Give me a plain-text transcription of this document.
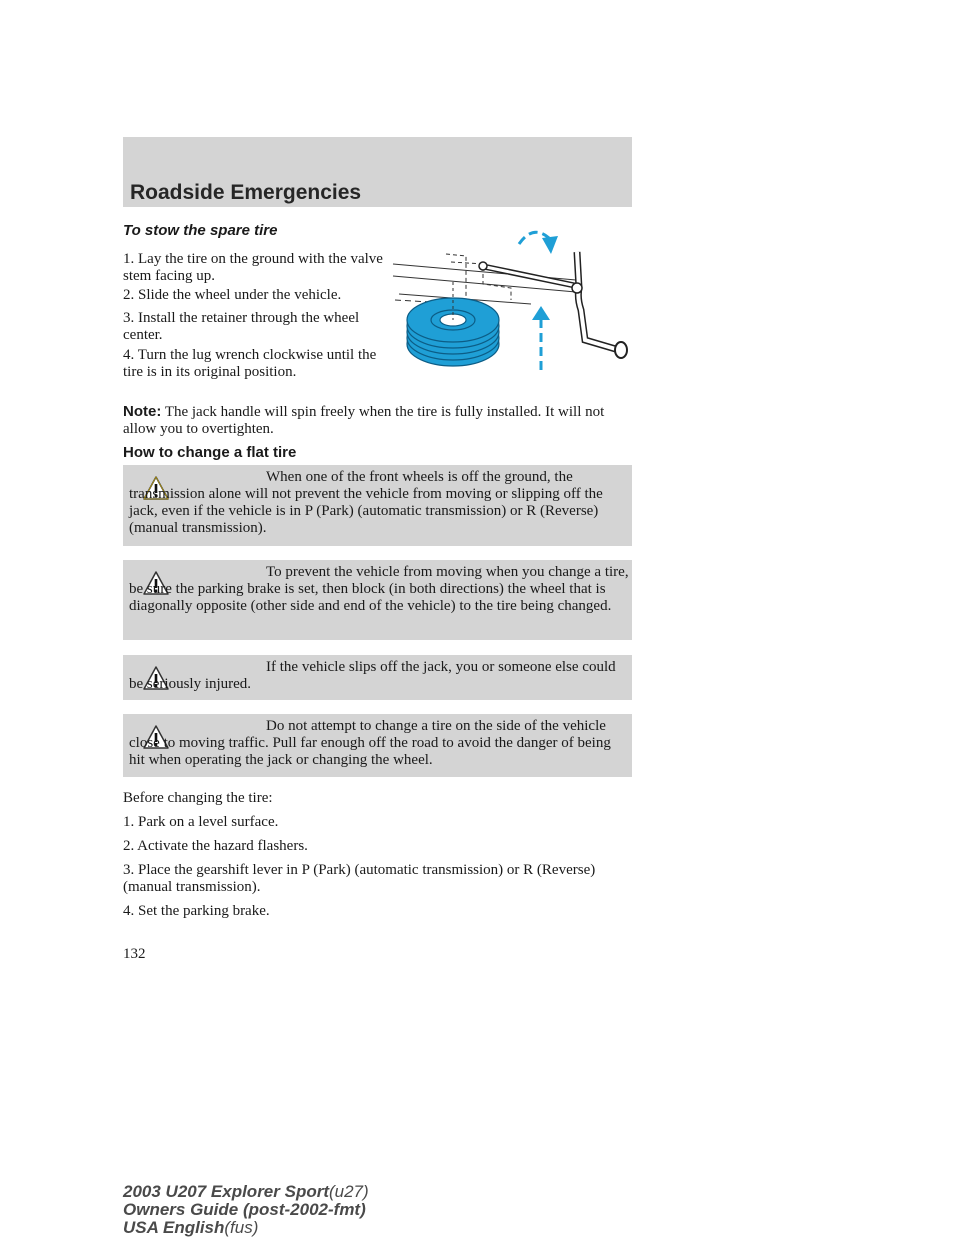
Roadside Emergencies
To stow the spare tire
1. Lay the tire on the ground with the valve stem facing up.
2. Slide the wheel under the vehicle.
3. Install the retainer through the wheel center.
4. Turn the lug wrench clockwise until the tire is in its original position.
Note: The jack handle will spin freely when the tire is fully installed. It will not allow you to overtighten.
How to change a flat tire
When one of the front wheels is off the ground, the transmission alone will not prevent the vehicle from moving or slipping off the jack, even if the vehicle is in P (Park) (automatic transmission) or R (Reverse) (manual transmission).
To prevent the vehicle from moving when you change a tire, be sure the parking brake is set, then block (in both directions) the wheel that is diagonally opposite (other side and end of the vehicle) to the tire being changed.
If the vehicle slips off the jack, you or someone else could be seriously injured.
Do not attempt to change a tire on the side of the vehicle close to moving traffic. Pull far enough off the road to avoid the danger of being hit when operating the jack or changing the wheel.
Before changing the tire:
1. Park on a level surface.
2. Activate the hazard flashers.
3. Place the gearshift lever in P (Park) (automatic transmission) or R (Reverse) (manual transmission).
4. Set the parking brake.
132
2003 U207 Explorer Sport(u27)
Owners Guide (post-2002-fmt)
USA English(fus)
